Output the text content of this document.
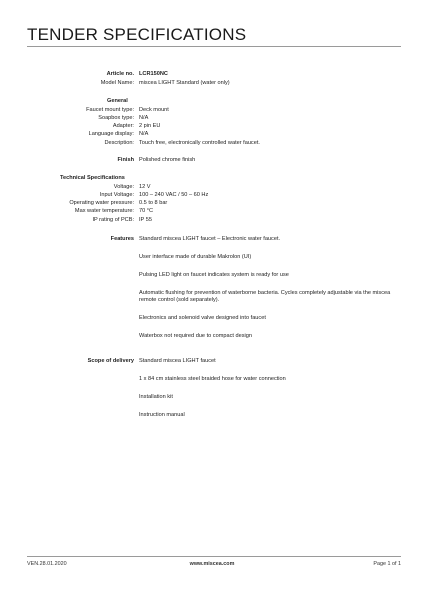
TENDER SPECIFICATIONS
Article no. LCR150NC
Model Name: miscea LIGHT Standard (water only)
General
Faucet mount type: Deck mount
Soapbox type: N/A
Adapter: 2 pin EU
Language display: N/A
Description: Touch free, electronically controlled water faucet.
Finish Polished chrome finish
Technical Specifications
Voltage: 12 V
Input Voltage: 100 – 240 VAC / 50 – 60 Hz
Operating water pressure: 0.5 to 8 bar
Max water temperature: 70 °C
IP rating of PCB: IP 55
Features Standard miscea LIGHT faucet – Electronic water faucet.
User interface made of durable Makrolon (UI)
Pulsing LED light on faucet indicates system is ready for use
Automatic flushing for prevention of waterborne bacteria. Cycles completely adjustable via the miscea remote control (sold separately).
Electronics and solenoid valve designed into faucet
Waterbox not required due to compact design
Scope of delivery Standard miscea LIGHT faucet
1 x 84 cm stainless steel braided hose for water connection
Installation kit
Instruction manual
VEN.28.01.2020	www.miscea.com	Page 1 of 1
